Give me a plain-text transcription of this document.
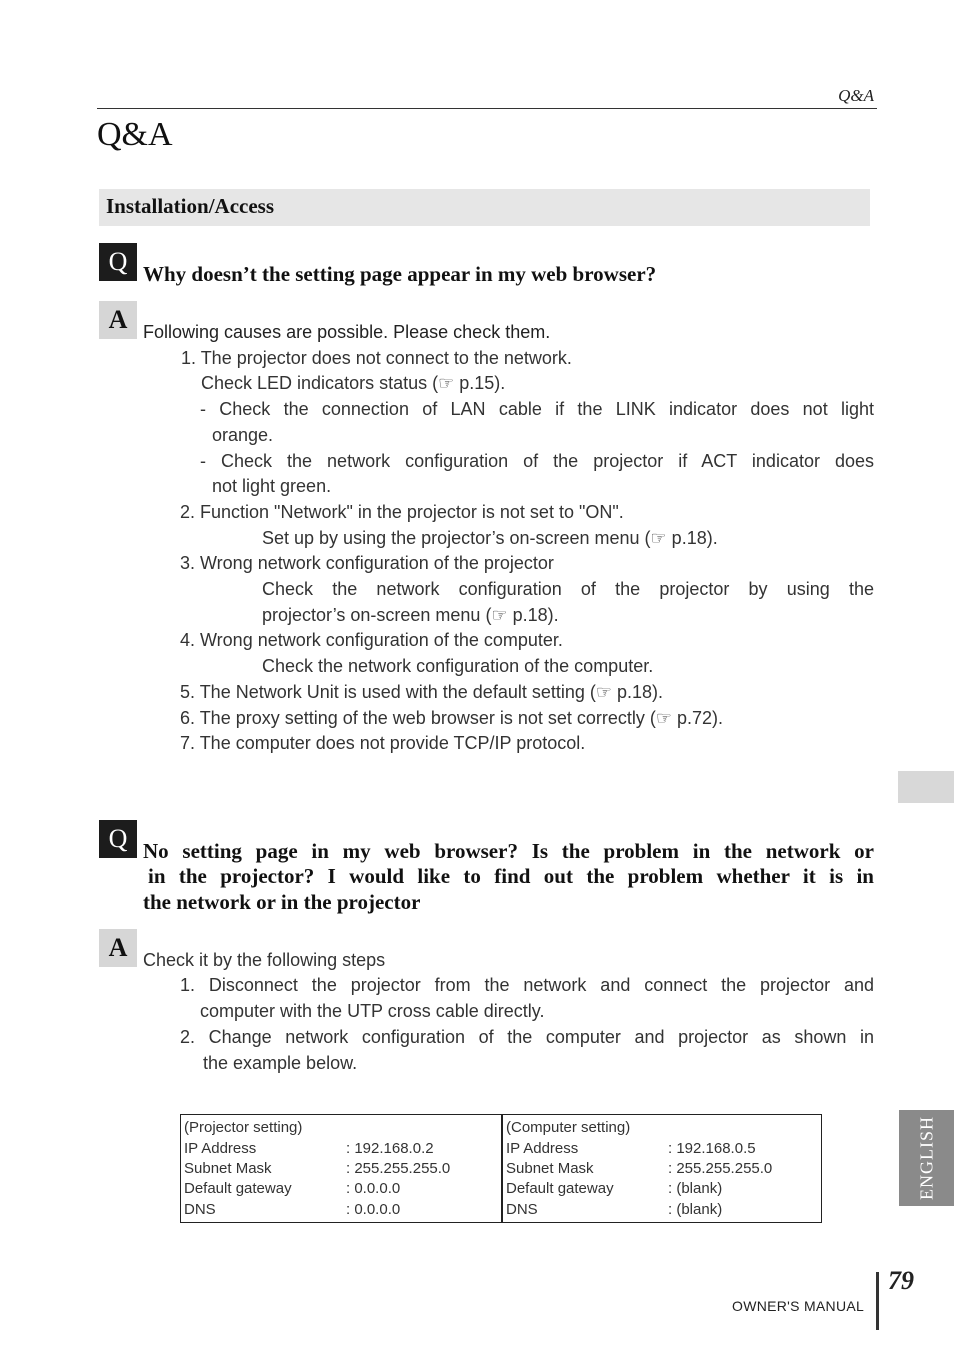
Q&A
Q&A
Installation/Access
Q Why doesn’t the setting page appear in my web browser?
A Following causes are possible. Please check them.
1. The projector does not connect to the network.
Check LED indicators status (☞ p.15).
- Check the connection of LAN cable if the LINK indicator does not light
orange.
- Check the network configuration of the projector if ACT indicator does
not light green.
2. Function "Network" in the projector is not set to "ON".
Set up by using the projector’s on-screen menu (☞ p.18).
3. Wrong network configuration of the projector
Check the network configuration of the projector by using the
projector’s on-screen menu (☞ p.18).
4. Wrong network configuration of the computer.
Check the network configuration of the computer.
5. The Network Unit is used with the default setting (☞ p.18).
6. The proxy setting of the web browser is not set correctly (☞ p.72).
7. The computer does not provide TCP/IP protocol.
Q No setting page in my web browser? Is the problem in the network or
in the projector? I would like to find out the problem whether it is in
the network or in the projector
A Check it by the following steps
1. Disconnect the projector from the network and connect the projector and
computer with the UTP cross cable directly.
2. Change network configuration of the computer and projector as shown in
the example below.
(Projector setting)
IP Address	: 192.168.0.2
Subnet Mask	: 255.255.255.0
Default gateway	: 0.0.0.0
DNS	: 0.0.0.0
(Computer setting)
IP Address	: 192.168.0.5
Subnet Mask	: 255.255.255.0
Default gateway	: (blank)
DNS	: (blank)
ENGLISH
79
OWNER'S MANUAL
